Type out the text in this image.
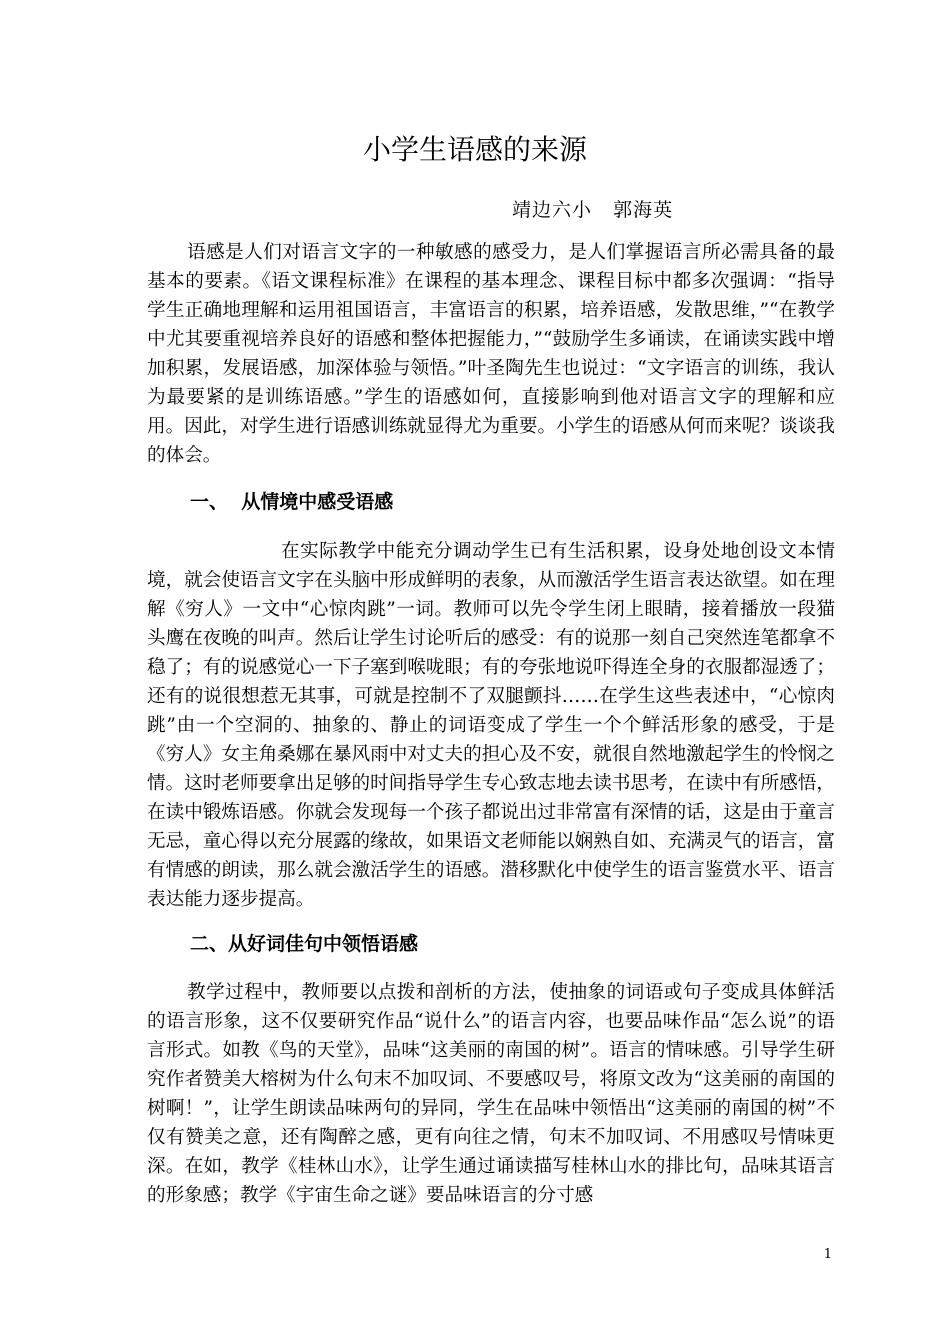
小学生语感的来源
靖边六小   郭海英

语感是人们对语言文字的一种敏感的感受力，是人们掌握语言所必需具备的最基本的要素。《语文课程标准》在课程的基本理念、课程目标中都多次强调：“指导学生正确地理解和运用祖国语言，丰富语言的积累，培养语感，发散思维，”“在教学中尤其要重视培养良好的语感和整体把握能力，”“鼓励学生多诵读，在诵读实践中增加积累，发展语感，加深体验与领悟。”叶圣陶先生也说过：“文字语言的训练，我认为最要紧的是训练语感。”学生的语感如何，直接影响到他对语言文字的理解和应用。因此，对学生进行语感训练就显得尤为重要。小学生的语感从何而来呢？谈谈我的体会。

一、  从情境中感受语感

在实际教学中能充分调动学生已有生活积累，设身处地创设文本情境，就会使语言文字在头脑中形成鲜明的表象，从而激活学生语言表达欲望。如在理解《穷人》一文中“心惊肉跳”一词。教师可以先令学生闭上眼睛，接着播放一段猫头鹰在夜晚的叫声。然后让学生讨论听后的感受：有的说那一刻自己突然连笔都拿不稳了；有的说感觉心一下子塞到喉咙眼；有的夸张地说吓得连全身的衣服都湿透了；还有的说很想惹无其事，可就是控制不了双腿颤抖……在学生这些表述中，“心惊肉跳”由一个空洞的、抽象的、静止的词语变成了学生一个个鲜活形象的感受，于是《穷人》女主角桑娜在暴风雨中对丈夫的担心及不安，就很自然地激起学生的怜悯之情。这时老师要拿出足够的时间指导学生专心致志地去读书思考，在读中有所感悟，在读中锻炼语感。你就会发现每一个孩子都说出过非常富有深情的话，这是由于童言无忌，童心得以充分展露的缘故，如果语文老师能以娴熟自如、充满灵气的语言，富有情感的朗读，那么就会激活学生的语感。潜移默化中使学生的语言鉴赏水平、语言表达能力逐步提高。

二、从好词佳句中领悟语感

教学过程中，教师要以点拨和剖析的方法，使抽象的词语或句子变成具体鲜活的语言形象，这不仅要研究作品“说什么”的语言内容，也要品味作品“怎么说”的语言形式。如教《鸟的天堂》，品味“这美丽的南国的树”。语言的情味感。引导学生研究作者赞美大榕树为什么句末不加叹词、不要感叹号，将原文改为“这美丽的南国的树啊！”，让学生朗读品味两句的异同，学生在品味中领悟出“这美丽的南国的树”不仅有赞美之意，还有陶醉之感，更有向往之情，句末不加叹词、不用感叹号情味更深。在如，教学《桂林山水》，让学生通过诵读描写桂林山水的排比句，品味其语言的形象感；教学《宇宙生命之谜》要品味语言的分寸感

1
